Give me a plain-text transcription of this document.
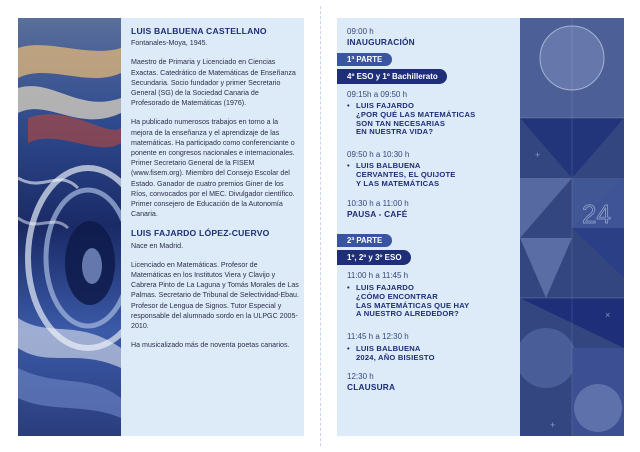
LUIS BALBUENA CASTELLANO
Fontanales-Moya, 1945.
Maestro de Primaria y Licenciado en Ciencias Exactas. Catedrático de Matemáticas de Enseñanza Secundaria. Socio fundador y primer Secretario General (SG) de la Sociedad Canaria de Profesorado de Matemáticas (1976).
Ha publicado numerosos trabajos en torno a la mejora de la enseñanza y el aprendizaje de las matemáticas. Ha participado como conferenciante o ponente en congresos nacionales e internacionales. Primer Secretario General de la FISEM (www.fisem.org). Miembro del Consejo Escolar del Estado. Ganador de cuatro premios Giner de los Ríos, convocados por el MEC. Divulgador científico. Primer consejero de Educación de la Autonomía Canaria.
LUIS FAJARDO LÓPEZ-CUERVO
Nace en Madrid.
Licenciado en Matemáticas. Profesor de Matemáticas en los Institutos Viera y Clavijo y Cabrera Pinto de La Laguna y Tomás Morales de Las Palmas. Secretario de Tribunal de Selectividad-Ebau. Profesor de Lengua de Signos. Tutor Especial y responsable del alumnado sordo en la ULPGC 2005-2010.
Ha musicalizado más de noventa poetas canarios.
24
+
×
+
09:00 h
INAUGURACIÓN
1ª PARTE
4º ESO y 1º Bachillerato
09:15h a 09:50 h
• LUIS FAJARDO
¿POR QUÉ LAS MATEMÁTICAS
SON TAN NECESARIAS
EN NUESTRA VIDA?
09:50 h a 10:30 h
• LUIS BALBUENA
CERVANTES, EL QUIJOTE
Y LAS MATEMÁTICAS
10:30 h a 11:00 h
PAUSA - CAFÉ
2ª PARTE
1º, 2º y 3º ESO
11:00 h a 11:45 h
• LUIS FAJARDO
¿CÓMO ENCONTRAR
LAS MATEMÁTICAS QUE HAY
A NUESTRO ALREDEDOR?
11:45 h a 12:30 h
• LUIS BALBUENA
2024, AÑO BISIESTO
12:30 h
CLAUSURA
